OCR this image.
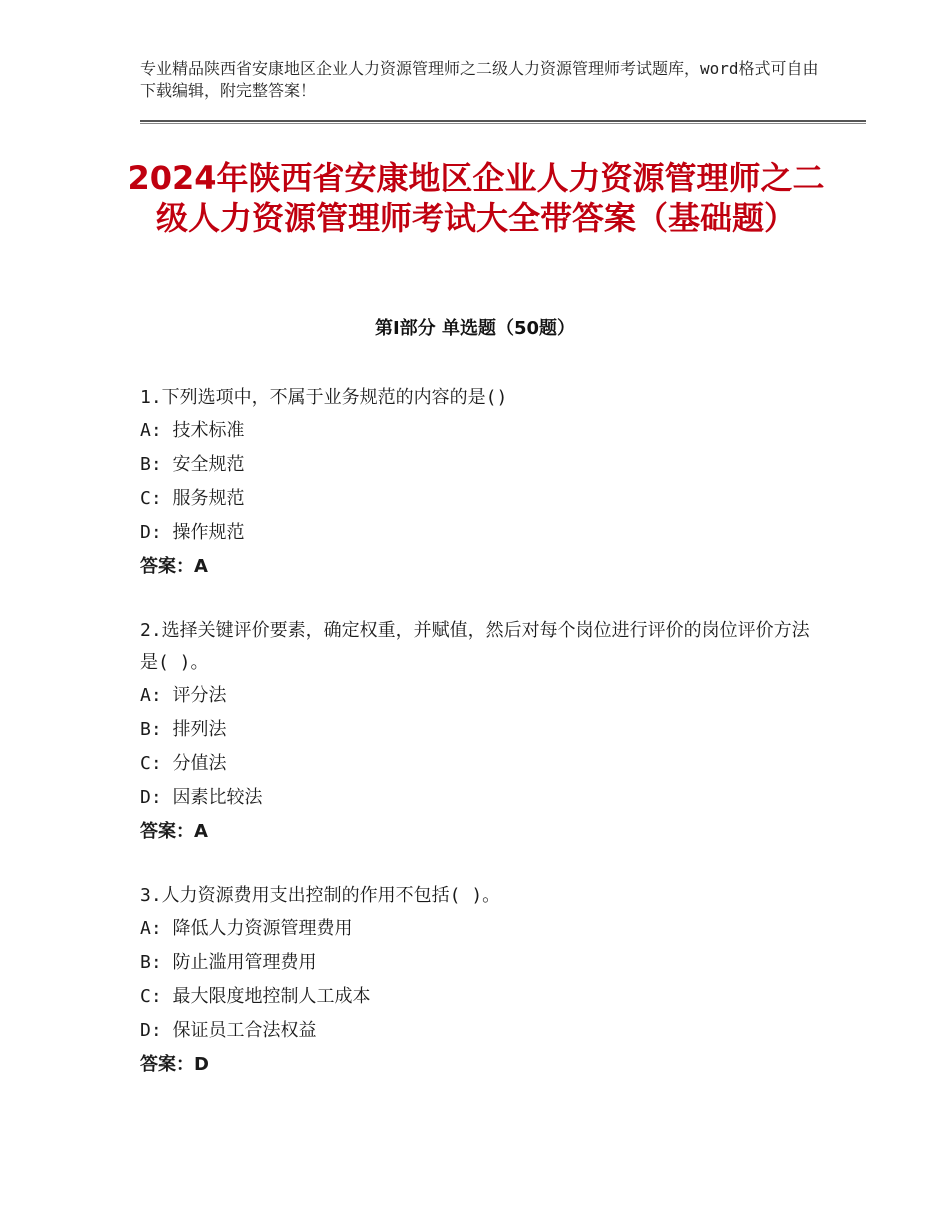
专业精品陕西省安康地区企业人力资源管理师之二级人力资源管理师考试题库，word格式可自由下载编辑，附完整答案！
2024年陕西省安康地区企业人力资源管理师之二级人力资源管理师考试大全带答案（基础题）
第Ⅰ部分 单选题（50题）

1.下列选项中，不属于业务规范的内容的是()

A: 技术标准

B: 安全规范

C: 服务规范

D: 操作规范

答案：A

2.选择关键评价要素，确定权重，并赋值，然后对每个岗位进行评价的岗位评价方法是( )。

A: 评分法

B: 排列法

C: 分值法

D: 因素比较法

答案：A

3.人力资源费用支出控制的作用不包括( )。

A: 降低人力资源管理费用

B: 防止滥用管理费用

C: 最大限度地控制人工成本

D: 保证员工合法权益

答案：D
